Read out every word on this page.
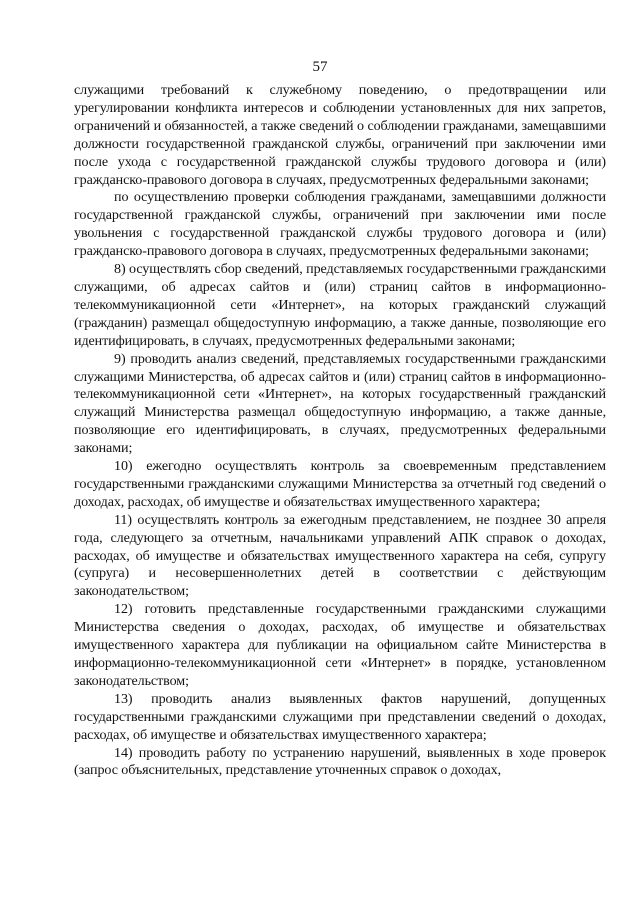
57

служащими требований к служебному поведению, о предотвращении или урегулировании конфликта интересов и соблюдении установленных для них запретов, ограничений и обязанностей, а также сведений о соблюдении гражданами, замещавшими должности государственной гражданской службы, ограничений при заключении ими после ухода с государственной гражданской службы трудового договора и (или) гражданско-правового договора в случаях, предусмотренных федеральными законами;

по осуществлению проверки соблюдения гражданами, замещавшими должности государственной гражданской службы, ограничений при заключении ими после увольнения с государственной гражданской службы трудового договора и (или) гражданско-правового договора в случаях, предусмотренных федеральными законами;

8) осуществлять сбор сведений, представляемых государственными гражданскими служащими, об адресах сайтов и (или) страниц сайтов в информационно-телекоммуникационной сети «Интернет», на которых гражданский служащий (гражданин) размещал общедоступную информацию, а также данные, позволяющие его идентифицировать, в случаях, предусмотренных федеральными законами;

9) проводить анализ сведений, представляемых государственными гражданскими служащими Министерства, об адресах сайтов и (или) страниц сайтов в информационно-телекоммуникационной сети «Интернет», на которых государственный гражданский служащий Министерства размещал общедоступную информацию, а также данные, позволяющие его идентифицировать, в случаях, предусмотренных федеральными законами;

10) ежегодно осуществлять контроль за своевременным представлением государственными гражданскими служащими Министерства за отчетный год сведений о доходах, расходах, об имуществе и обязательствах имущественного характера;

11) осуществлять контроль за ежегодным представлением, не позднее 30 апреля года, следующего за отчетным, начальниками управлений АПК справок о доходах, расходах, об имуществе и обязательствах имущественного характера на себя, супругу (супруга) и несовершеннолетних детей в соответствии с действующим законодательством;

12) готовить представленные государственными гражданскими служащими Министерства сведения о доходах, расходах, об имуществе и обязательствах имущественного характера для публикации на официальном сайте Министерства в информационно-телекоммуникационной сети «Интернет» в порядке, установленном законодательством;

13) проводить анализ выявленных фактов нарушений, допущенных государственными гражданскими служащими при представлении сведений о доходах, расходах, об имуществе и обязательствах имущественного характера;

14) проводить работу по устранению нарушений, выявленных в ходе проверок (запрос объяснительных, представление уточненных справок о доходах,
